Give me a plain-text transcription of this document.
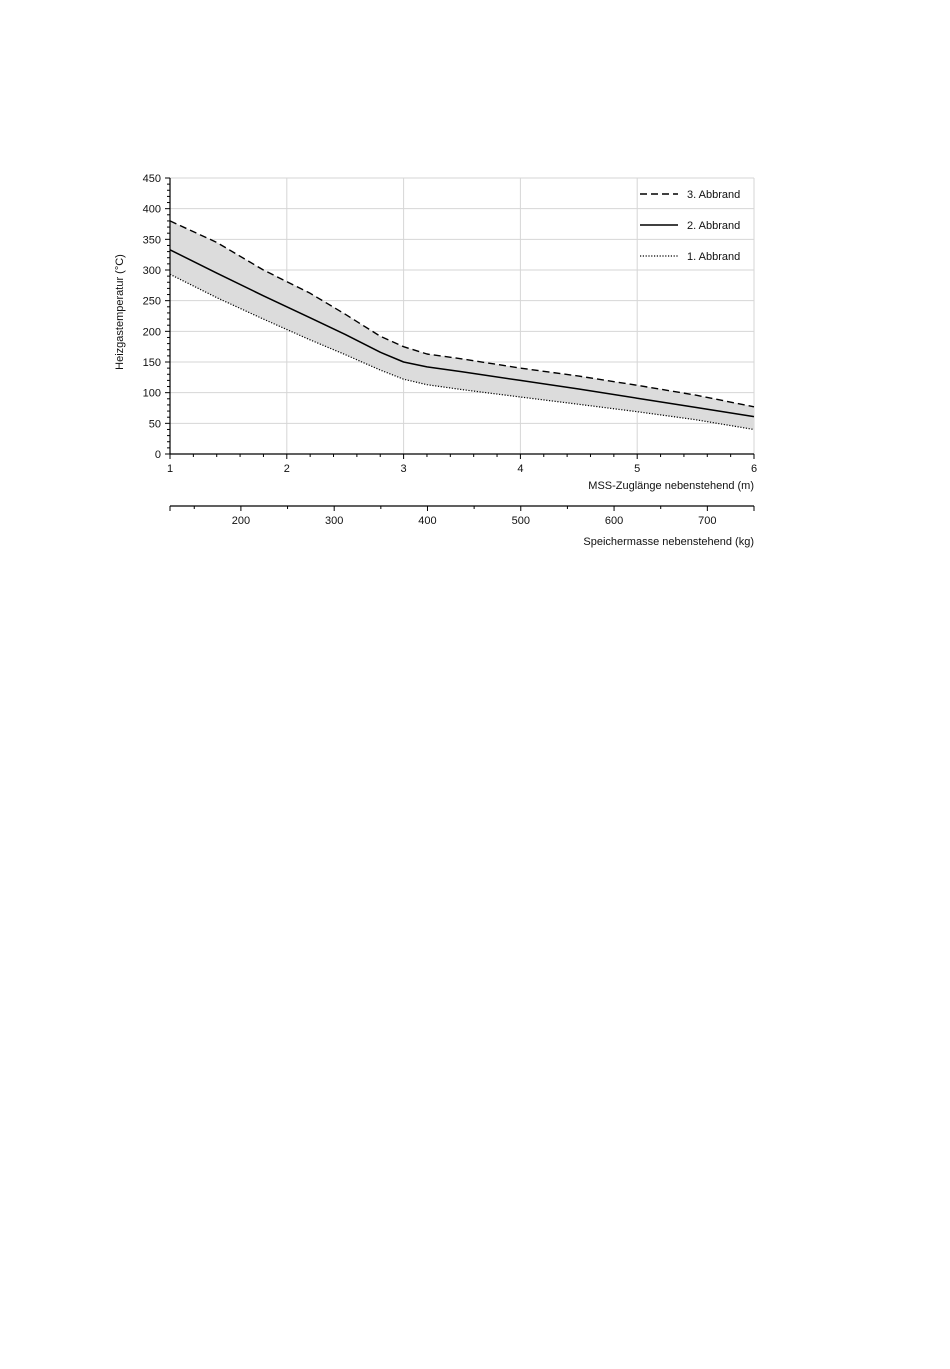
0
50
100
150
200
250
300
350
400
450
1	2	3	4	5	6
200	300	400	500	600	700
3. Abbrand
2. Abbrand
1. Abbrand
Heizgastemperatur (°C)
MSS-Zuglänge nebenstehend (m)
Speichermasse nebenstehend (kg)
